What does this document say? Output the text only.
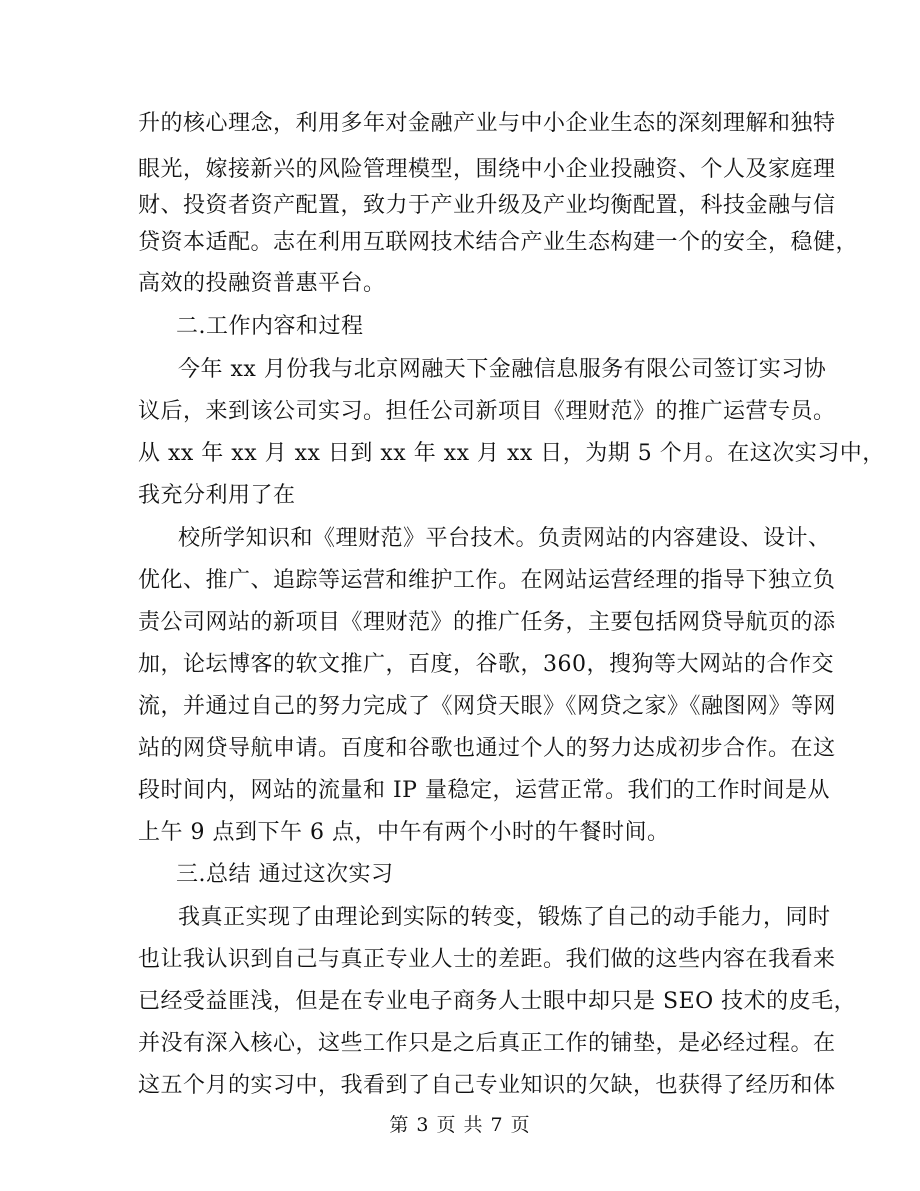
升的核心理念，利用多年对金融产业与中小企业生态的深刻理解和独特
眼光，嫁接新兴的风险管理模型，围绕中小企业投融资、个人及家庭理
财、投资者资产配置，致力于产业升级及产业均衡配置，科技金融与信
贷资本适配。志在利用互联网技术结合产业生态构建一个的安全，稳健，
高效的投融资普惠平台。
二.工作内容和过程
今年 xx 月份我与北京网融天下金融信息服务有限公司签订实习协
议后，来到该公司实习。担任公司新项目《理财范》的推广运营专员。
从 xx 年 xx 月 xx 日到 xx 年 xx 月 xx 日，为期 5 个月。在这次实习中，
我充分利用了在
校所学知识和《理财范》平台技术。负责网站的内容建设、设计、
优化、推广、追踪等运营和维护工作。在网站运营经理的指导下独立负
责公司网站的新项目《理财范》的推广任务，主要包括网贷导航页的添
加，论坛博客的软文推广，百度，谷歌，360，搜狗等大网站的合作交
流，并通过自己的努力完成了《网贷天眼》《网贷之家》《融图网》等网
站的网贷导航申请。百度和谷歌也通过个人的努力达成初步合作。在这
段时间内，网站的流量和 IP 量稳定，运营正常。我们的工作时间是从
上午 9 点到下午 6 点，中午有两个小时的午餐时间。
三.总结 通过这次实习
我真正实现了由理论到实际的转变，锻炼了自己的动手能力，同时
也让我认识到自己与真正专业人士的差距。我们做的这些内容在我看来
已经受益匪浅，但是在专业电子商务人士眼中却只是 SEO 技术的皮毛，
并没有深入核心，这些工作只是之后真正工作的铺垫，是必经过程。在
这五个月的实习中，我看到了自己专业知识的欠缺，也获得了经历和体
第 3 页 共 7 页
